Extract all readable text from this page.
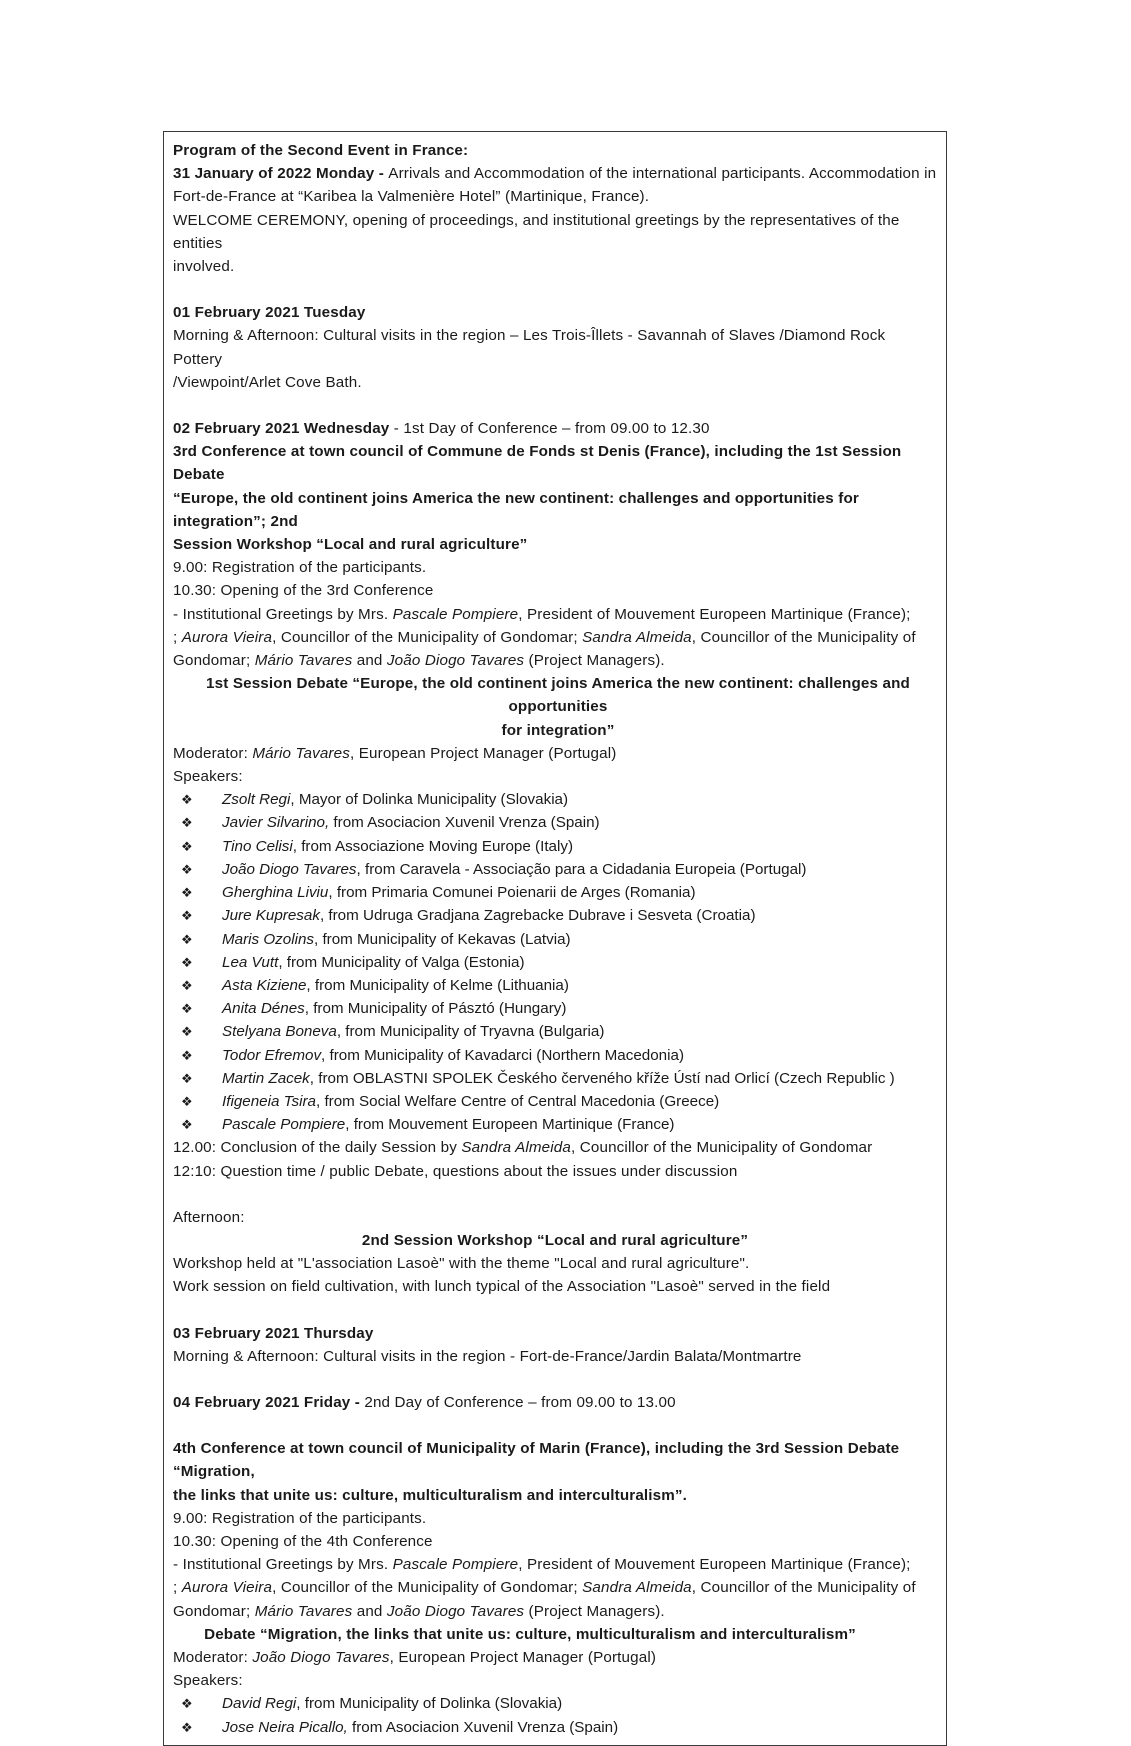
Program of the Second Event in France:

31 January of 2022 Monday - Arrivals and Accommodation of the international participants. Accommodation in

Fort-de-France at “Karibea la Valmenière Hotel” (Martinique, France).

WELCOME CEREMONY, opening of proceedings, and institutional greetings by the representatives of the entities

involved.

01 February 2021 Tuesday

Morning & Afternoon: Cultural visits in the region – Les Trois-Îllets - Savannah of Slaves /Diamond Rock Pottery

/Viewpoint/Arlet Cove Bath.

02 February 2021 Wednesday - 1st Day of Conference – from 09.00 to 12.30

3rd Conference at town council of Commune de Fonds st Denis (France), including the 1st Session Debate

“Europe, the old continent joins America the new continent: challenges and opportunities for integration”; 2nd

Session Workshop “Local and rural agriculture”

9.00: Registration of the participants.

10.30: Opening of the 3rd Conference

- Institutional Greetings by Mrs. Pascale Pompiere, President of Mouvement Europeen Martinique (France);

; Aurora Vieira, Councillor of the Municipality of Gondomar; Sandra Almeida, Councillor of the Municipality of

Gondomar; Mário Tavares and João Diogo Tavares (Project Managers).

1st Session Debate “Europe, the old continent joins America the new continent: challenges and opportunities

for integration”

Moderator: Mário Tavares, European Project Manager (Portugal)

Speakers:

❖	Zsolt Regi, Mayor of Dolinka Municipality (Slovakia)
❖	Javier Silvarino, from Asociacion Xuvenil Vrenza (Spain)
❖	Tino Celisi, from Associazione Moving Europe (Italy)
❖	João Diogo Tavares, from Caravela - Associação para a Cidadania Europeia (Portugal)
❖	Gherghina Liviu, from Primaria Comunei Poienarii de Arges (Romania)
❖	Jure Kupresak, from Udruga Gradjana Zagrebacke Dubrave i Sesveta (Croatia)
❖	Maris Ozolins, from Municipality of Kekavas (Latvia)
❖	Lea Vutt, from Municipality of Valga (Estonia)
❖	Asta Kiziene, from Municipality of Kelme (Lithuania)
❖	Anita Dénes, from Municipality of Pásztó (Hungary)
❖	Stelyana Boneva, from Municipality of Tryavna (Bulgaria)
❖	Todor Efremov, from Municipality of Kavadarci (Northern Macedonia)
❖	Martin Zacek, from OBLASTNI SPOLEK Českého červeného kříže Ústí nad Orlicí (Czech Republic )
❖	Ifigeneia Tsira, from Social Welfare Centre of Central Macedonia (Greece)
❖	Pascale Pompiere, from Mouvement Europeen Martinique (France)

12.00: Conclusion of the daily Session by Sandra Almeida, Councillor of the Municipality of Gondomar

12:10: Question time / public Debate, questions about the issues under discussion

Afternoon:

2nd Session Workshop “Local and rural agriculture”

Workshop held at "L'association Lasoè" with the theme "Local and rural agriculture".

Work session on field cultivation, with lunch typical of the Association "Lasoè" served in the field

03 February 2021 Thursday

Morning & Afternoon: Cultural visits in the region - Fort-de-France/Jardin Balata/Montmartre

04 February 2021 Friday - 2nd Day of Conference – from 09.00 to 13.00

4th Conference at town council of Municipality of Marin (France), including the 3rd Session Debate “Migration,

the links that unite us: culture, multiculturalism and interculturalism”.

9.00: Registration of the participants.

10.30: Opening of the 4th Conference

- Institutional Greetings by Mrs. Pascale Pompiere, President of Mouvement Europeen Martinique (France);

; Aurora Vieira, Councillor of the Municipality of Gondomar; Sandra Almeida, Councillor of the Municipality of

Gondomar; Mário Tavares and João Diogo Tavares (Project Managers).

Debate “Migration, the links that unite us: culture, multiculturalism and interculturalism”

Moderator: João Diogo Tavares, European Project Manager (Portugal)

Speakers:

❖	David Regi, from Municipality of Dolinka (Slovakia)
❖	Jose Neira Picallo, from Asociacion Xuvenil Vrenza (Spain)
